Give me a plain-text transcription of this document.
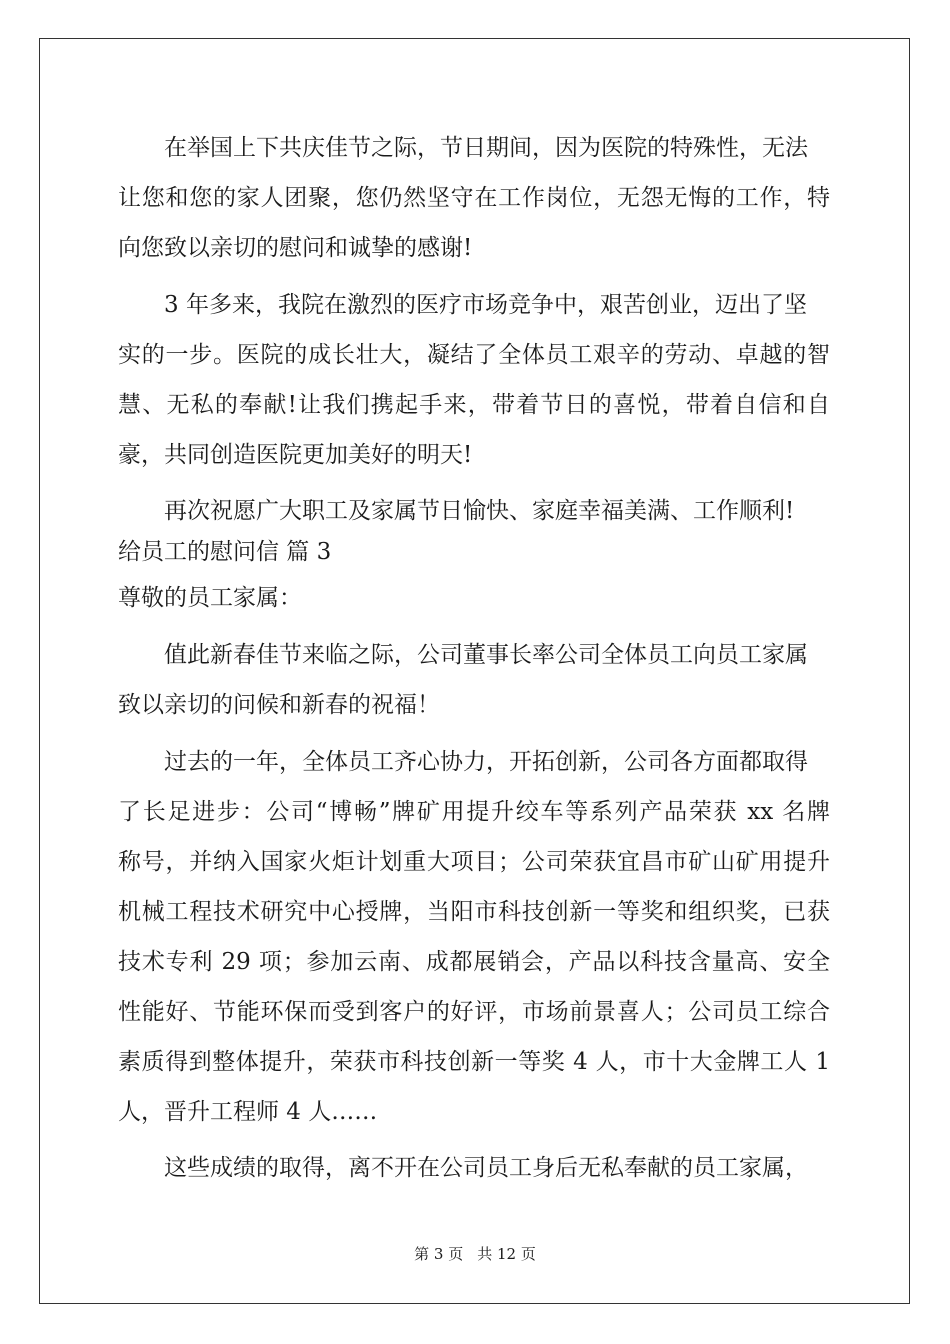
在举国上下共庆佳节之际，节日期间，因为医院的特殊性，无法
让您和您的家人团聚，您仍然坚守在工作岗位，无怨无悔的工作，特
向您致以亲切的慰问和诚挚的感谢!
3 年多来，我院在激烈的医疗市场竞争中，艰苦创业，迈出了坚
实的一步。医院的成长壮大，凝结了全体员工艰辛的劳动、卓越的智
慧、无私的奉献!让我们携起手来，带着节日的喜悦，带着自信和自
豪，共同创造医院更加美好的明天!
再次祝愿广大职工及家属节日愉快、家庭幸福美满、工作顺利!
给员工的慰问信 篇 3
尊敬的员工家属：
值此新春佳节来临之际，公司董事长率公司全体员工向员工家属
致以亲切的问候和新春的祝福！
过去的一年，全体员工齐心协力，开拓创新，公司各方面都取得
了长足进步：公司“博畅”牌矿用提升绞车等系列产品荣获 xx 名牌
称号，并纳入国家火炬计划重大项目；公司荣获宜昌市矿山矿用提升
机械工程技术研究中心授牌，当阳市科技创新一等奖和组织奖，已获
技术专利 29 项；参加云南、成都展销会，产品以科技含量高、安全
性能好、节能环保而受到客户的好评，市场前景喜人；公司员工综合
素质得到整体提升，荣获市科技创新一等奖 4 人，市十大金牌工人 1
人，晋升工程师 4 人……
这些成绩的取得，离不开在公司员工身后无私奉献的员工家属，
第 3 页 共 12 页
